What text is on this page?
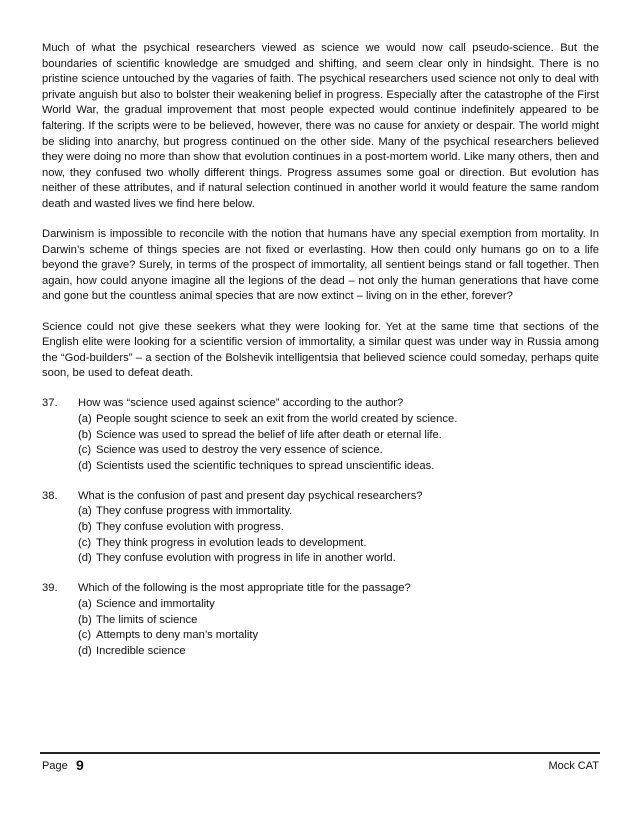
Much of what the psychical researchers viewed as science we would now call pseudo-science. But the boundaries of scientific knowledge are smudged and shifting, and seem clear only in hindsight. There is no pristine science untouched by the vagaries of faith. The psychical researchers used science not only to deal with private anguish but also to bolster their weakening belief in progress. Especially after the catastrophe of the First World War, the gradual improvement that most people expected would continue indefinitely appeared to be faltering. If the scripts were to be believed, however, there was no cause for anxiety or despair. The world might be sliding into anarchy, but progress continued on the other side. Many of the psychical researchers believed they were doing no more than show that evolution continues in a post-mortem world. Like many others, then and now, they confused two wholly different things. Progress assumes some goal or direction. But evolution has neither of these attributes, and if natural selection continued in another world it would feature the same random death and wasted lives we find here below.

Darwinism is impossible to reconcile with the notion that humans have any special exemption from mortality. In Darwin’s scheme of things species are not fixed or everlasting. How then could only humans go on to a life beyond the grave? Surely, in terms of the prospect of immortality, all sentient beings stand or fall together. Then again, how could anyone imagine all the legions of the dead – not only the human generations that have come and gone but the countless animal species that are now extinct – living on in the ether, forever?

Science could not give these seekers what they were looking for. Yet at the same time that sections of the English elite were looking for a scientific version of immortality, a similar quest was under way in Russia among the “God-builders” – a section of the Bolshevik intelligentsia that believed science could someday, perhaps quite soon, be used to defeat death.

37.	How was “science used against science” according to the author?
(a) People sought science to seek an exit from the world created by science.
(b) Science was used to spread the belief of life after death or eternal life.
(c) Science was used to destroy the very essence of science.
(d) Scientists used the scientific techniques to spread unscientific ideas.
38.	What is the confusion of past and present day psychical researchers?
(a) They confuse progress with immortality.
(b) They confuse evolution with progress.
(c) They think progress in evolution leads to development.
(d) They confuse evolution with progress in life in another world.
39.	Which of the following is the most appropriate title for the passage?
(a) Science and immortality
(b) The limits of science
(c) Attempts to deny man’s mortality
(d) Incredible science
Page 9	Mock CAT
